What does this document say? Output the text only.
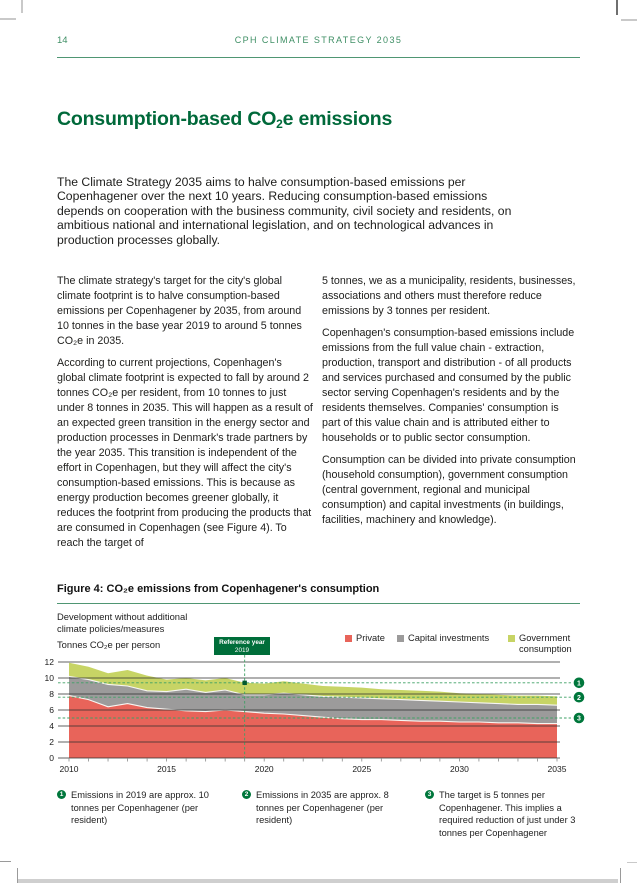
14	CPH CLIMATE STRATEGY 2035
Consumption-based CO2e emissions
The Climate Strategy 2035 aims to halve consumption-based emissions per Copenhagener over the next 10 years. Reducing consumption-based emissions depends on cooperation with the business community, civil society and residents, on ambitious national and international legislation, and on technological advances in production processes globally.

The climate strategy's target for the city's global climate footprint is to halve consumption-based emissions per Copenhagener by 2035, from around 10 tonnes in the base year 2019 to around 5 tonnes CO₂e in 2035.

According to current projections, Copenhagen's global climate footprint is expected to fall by around 2 tonnes CO₂e per resident, from 10 tonnes to just under 8 tonnes in 2035. This will happen as a result of an expected green transition in the energy sector and production processes in Denmark's trade partners by the year 2035. This transition is independent of the effort in Copenhagen, but they will affect the city's consumption-based emissions. This is because as energy production becomes greener globally, it reduces the footprint from producing the products that are consumed in Copenhagen (see Figure 4). To reach the target of

5 tonnes, we as a municipality, residents, businesses, associations and others must therefore reduce emissions by 3 tonnes per resident.

Copenhagen's consumption-based emissions include emissions from the full value chain - extraction, production, transport and distribution - of all products and services purchased and consumed by the public sector serving Copenhagen's residents and by the residents themselves. Companies' consumption is part of this value chain and is attributed either to households or to public sector consumption.

Consumption can be divided into private consumption (household consumption), government consumption (central government, regional and municipal consumption) and capital investments (in buildings, facilities, machinery and knowledge).

Figure 4: CO₂e emissions from Copenhagener's consumption
Development without additional
climate policies/measures
Tonnes CO₂e per person
Private	Capital investments	Government consumption
Reference year
2019
0
2
4
6
8
10
12
2010	2015	2020	2025	2030	2035
1
2
3
1 Emissions in 2019 are approx. 10 tonnes per Copenhagener (per resident)
2 Emissions in 2035 are approx. 8 tonnes per Copenhagener (per resident)
3 The target is 5 tonnes per Copenhagener. This implies a required reduction of just under 3 tonnes per Copenhagener
